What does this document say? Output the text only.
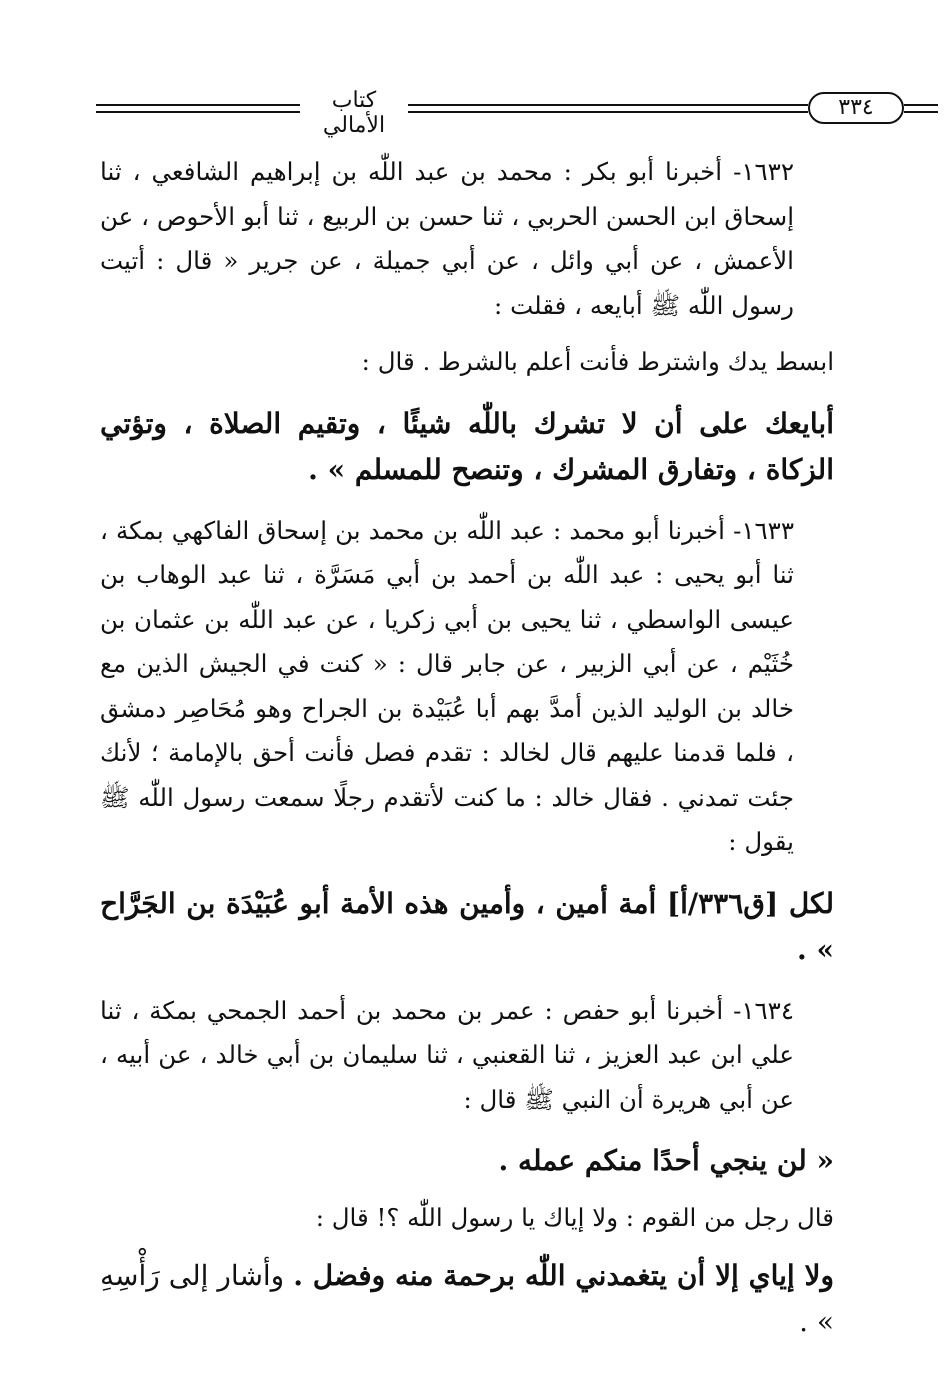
كتاب الأمالي
٣٣٤

١٦٣٢- أخبرنا أبو بكر : محمد بن عبد اللّٰه بن إبراهيم الشافعي ، ثنا إسحاق ابن الحسن الحربي ، ثنا حسن بن الربيع ، ثنا أبو الأحوص ، عن الأعمش ، عن أبي وائل ، عن أبي جميلة ، عن جرير « قال : أتيت رسول اللّٰه ﷺ أبايعه ، فقلت :

ابسط يدك واشترط فأنت أعلم بالشرط . قال :

أبايعك على أن لا تشرك باللّٰه شيئًا ، وتقيم الصلاة ، وتؤتي الزكاة ، وتفارق المشرك ، وتنصح للمسلم » .

١٦٣٣- أخبرنا أبو محمد : عبد اللّٰه بن محمد بن إسحاق الفاكهي بمكة ، ثنا أبو يحيى : عبد اللّٰه بن أحمد بن أبي مَسَرَّة ، ثنا عبد الوهاب بن عيسى الواسطي ، ثنا يحيى بن أبي زكريا ، عن عبد اللّٰه بن عثمان بن خُثَيْم ، عن أبي الزبير ، عن جابر قال : « كنت في الجيش الذين مع خالد بن الوليد الذين أمدَّ بهم أبا عُبَيْدة بن الجراح وهو مُحَاصِر دمشق ، فلما قدمنا عليهم قال لخالد : تقدم فصل فأنت أحق بالإمامة ؛ لأنك جئت تمدني . فقال خالد : ما كنت لأتقدم رجلًا سمعت رسول اللّٰه ﷺ يقول :

لكل [ق٣٣٦/أ] أمة أمين ، وأمين هذه الأمة أبو عُبَيْدَة بن الجَرَّاح » .

١٦٣٤- أخبرنا أبو حفص : عمر بن محمد بن أحمد الجمحي بمكة ، ثنا علي ابن عبد العزيز ، ثنا القعنبي ، ثنا سليمان بن أبي خالد ، عن أبيه ، عن أبي هريرة أن النبي ﷺ قال :

« لن ينجي أحدًا منكم عمله .

قال رجل من القوم : ولا إياك يا رسول اللّٰه ؟! قال :

ولا إياي إلا أن يتغمدني اللّٰه برحمة منه وفضل . وأشار إلى رَأْسِهِ » .
